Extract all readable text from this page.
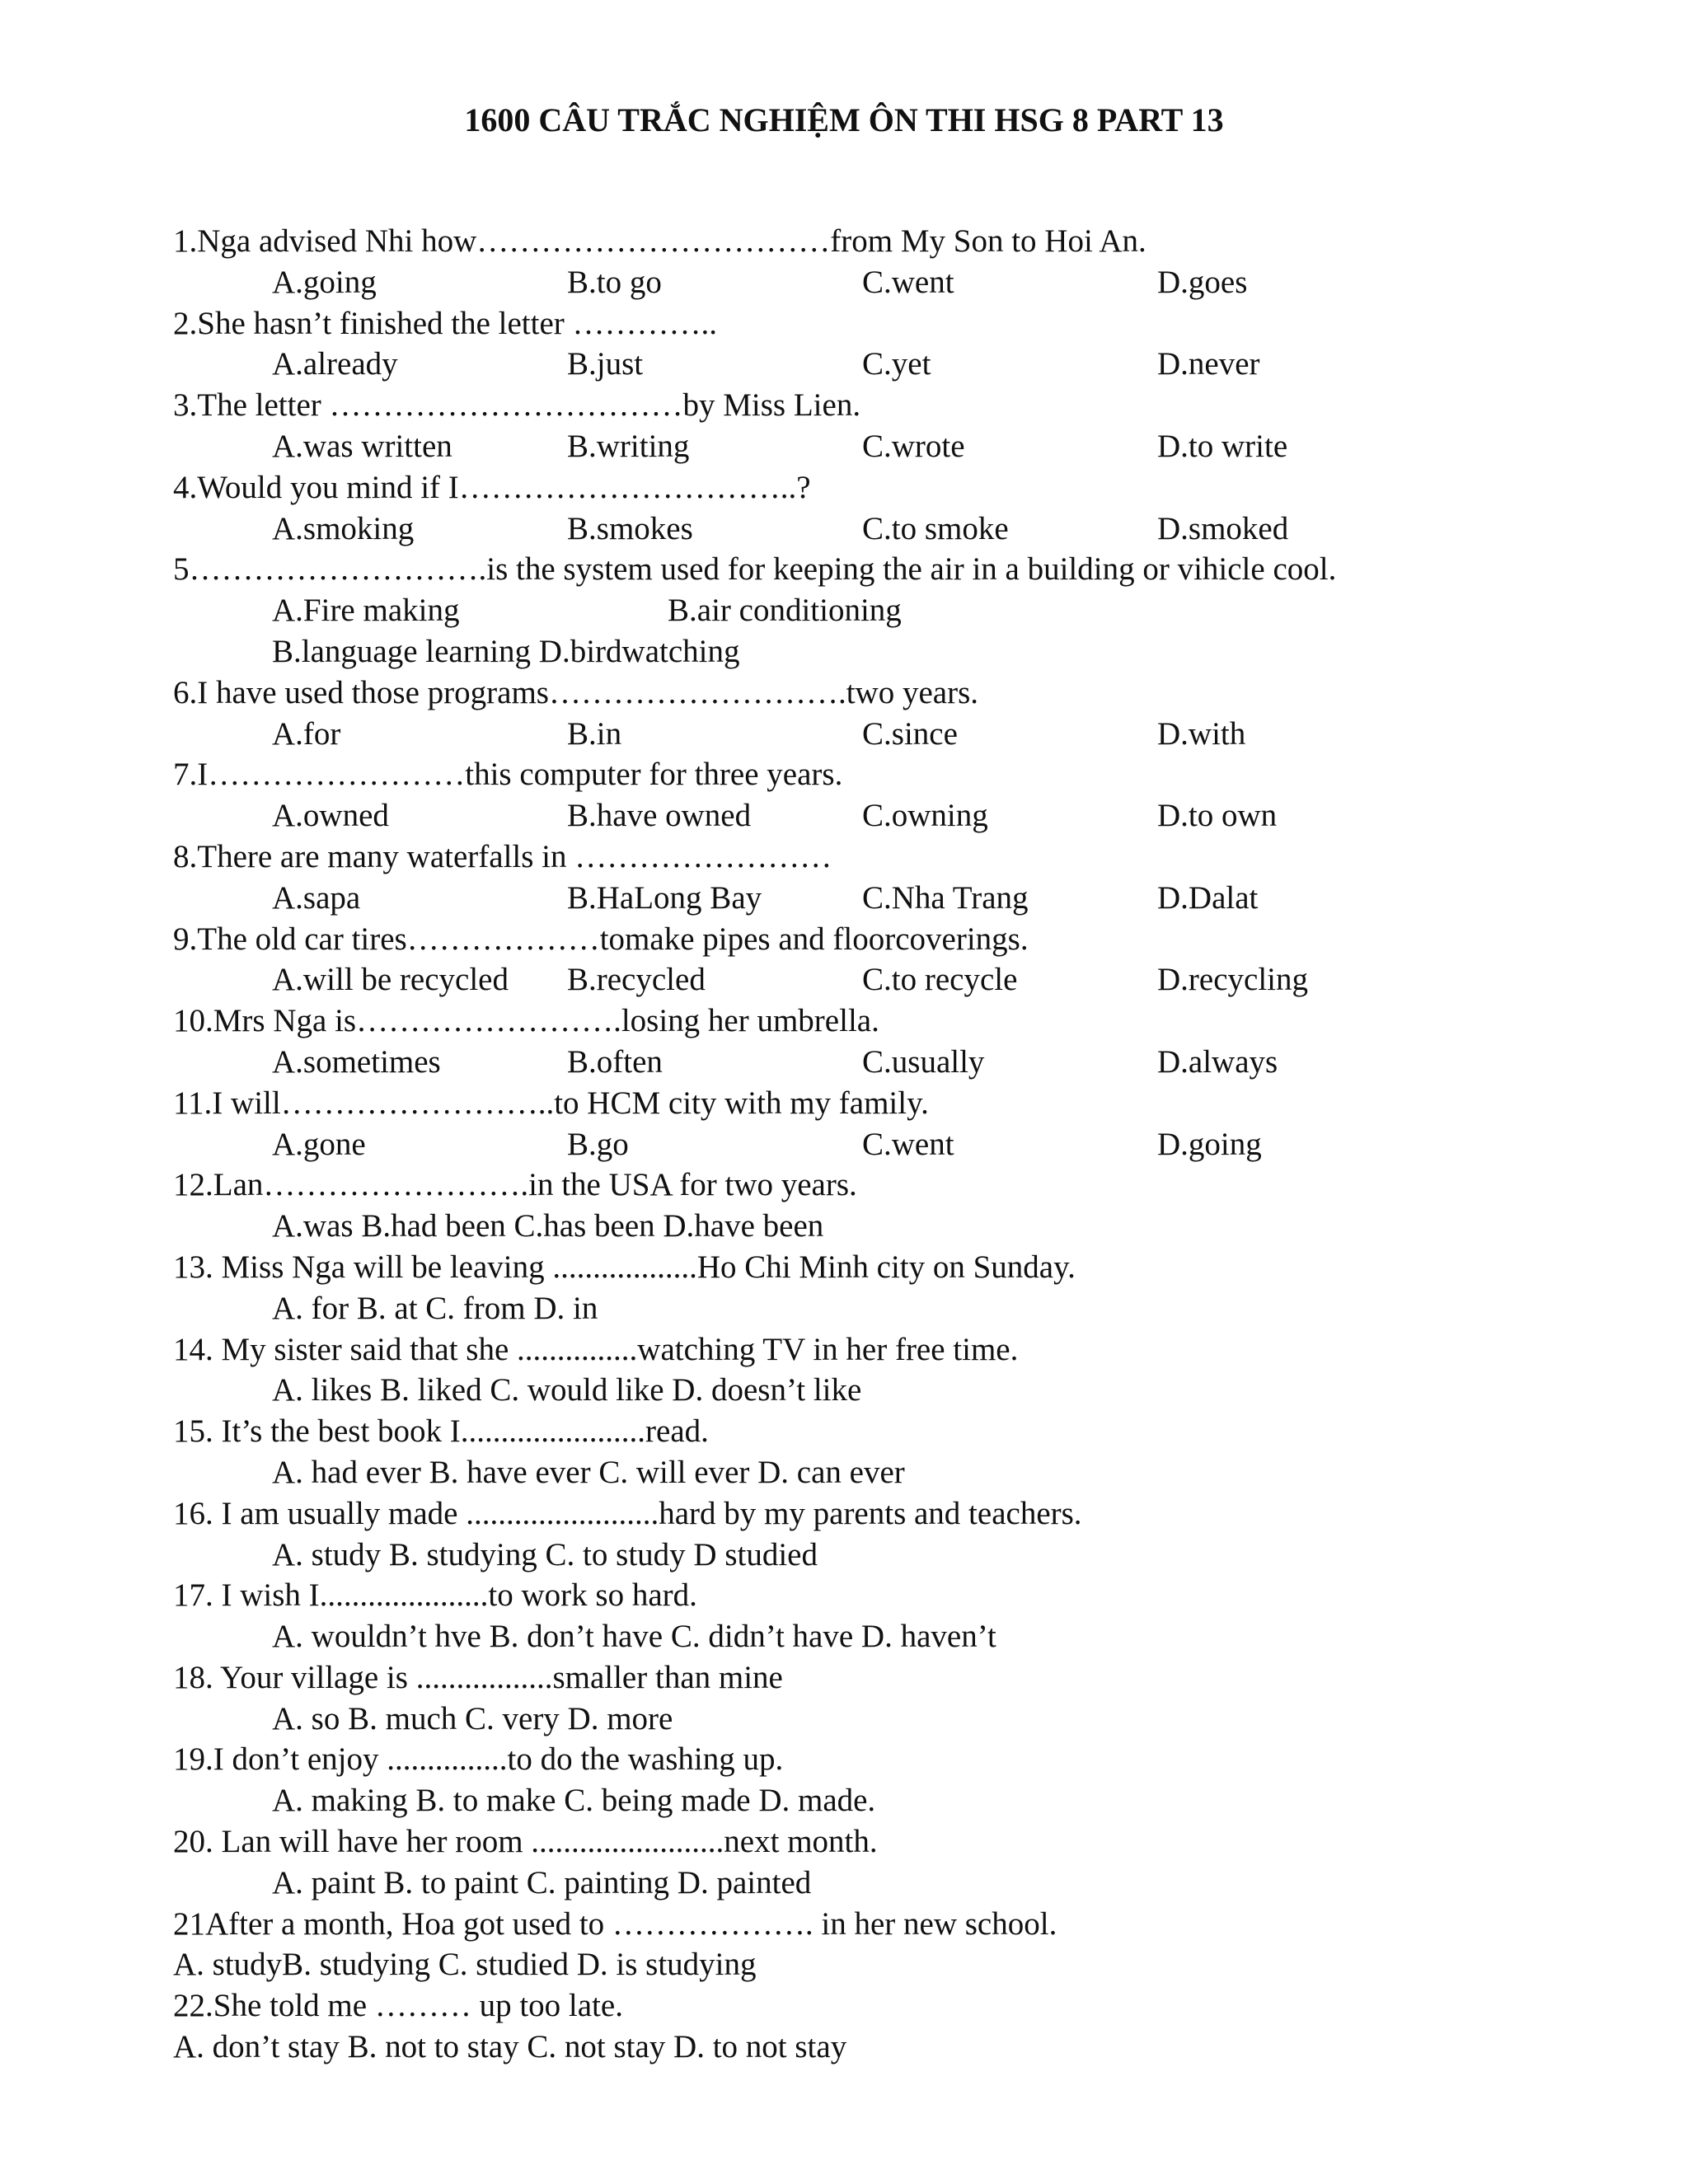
1600 CÂU TRẮC NGHIỆM ÔN THI HSG 8 PART 13
1.Nga advised Nhi how……………………………from My Son to Hoi An.
A.going	B.to go	C.went	D.goes
2.She hasn’t finished the letter …………..
A.already	B.just	C.yet	D.never
3.The letter ……………………………by Miss Lien.
A.was written	B.writing	C.wrote	D.to write
4.Would you mind if I…………………………..?
A.smoking	B.smokes	C.to smoke	D.smoked
5……………………….is the system used for keeping the air in a building or vihicle cool.
A.Fire making	B.air conditioning
B.language learning D.birdwatching
6.I have used those programs……………………….two years.
A.for	B.in	C.since	D.with
7.I……………………this computer for three years.
A.owned	B.have owned	C.owning	D.to own
8.There are many waterfalls in ……………………
A.sapa	B.HaLong Bay	C.Nha Trang	D.Dalat
9.The old car tires………………tomake pipes and floorcoverings.
A.will be recycled B.recycled	C.to recycle	D.recycling
10.Mrs Nga is…………………….losing her umbrella.
A.sometimes	B.often	C.usually	D.always
11.I will……………………..to HCM city with my family.
A.gone	B.go	C.went	D.going
12.Lan…………………….in the USA for two years.
A.was B.had been C.has been D.have been
13. Miss Nga will be leaving ..................Ho Chi Minh city on Sunday.
A. for B. at C. from D. in
14. My sister said that she ...............watching TV in her free time.
A. likes B. liked C. would like D. doesn’t like
15. It’s the best book I.......................read.
A. had ever B. have ever C. will ever D. can ever
16. I am usually made ........................hard by my parents and teachers.
A. study B. studying C. to study D studied
17. I wish I.....................to work so hard.
A. wouldn’t hve B. don’t have C. didn’t have D. haven’t
18. Your village is .................smaller than mine
A. so B. much C. very D. more
19.I don’t enjoy ...............to do the washing up.
A. making B. to make C. being made D. made.
20. Lan will have her room ........................next month.
A. paint B. to paint C. painting D. painted
21After a month, Hoa got used to ………………. in her new school.
A. studyB. studying C. studied D. is studying
22.She told me ……… up too late.
A. don’t stay B. not to stay C. not stay D. to not stay
